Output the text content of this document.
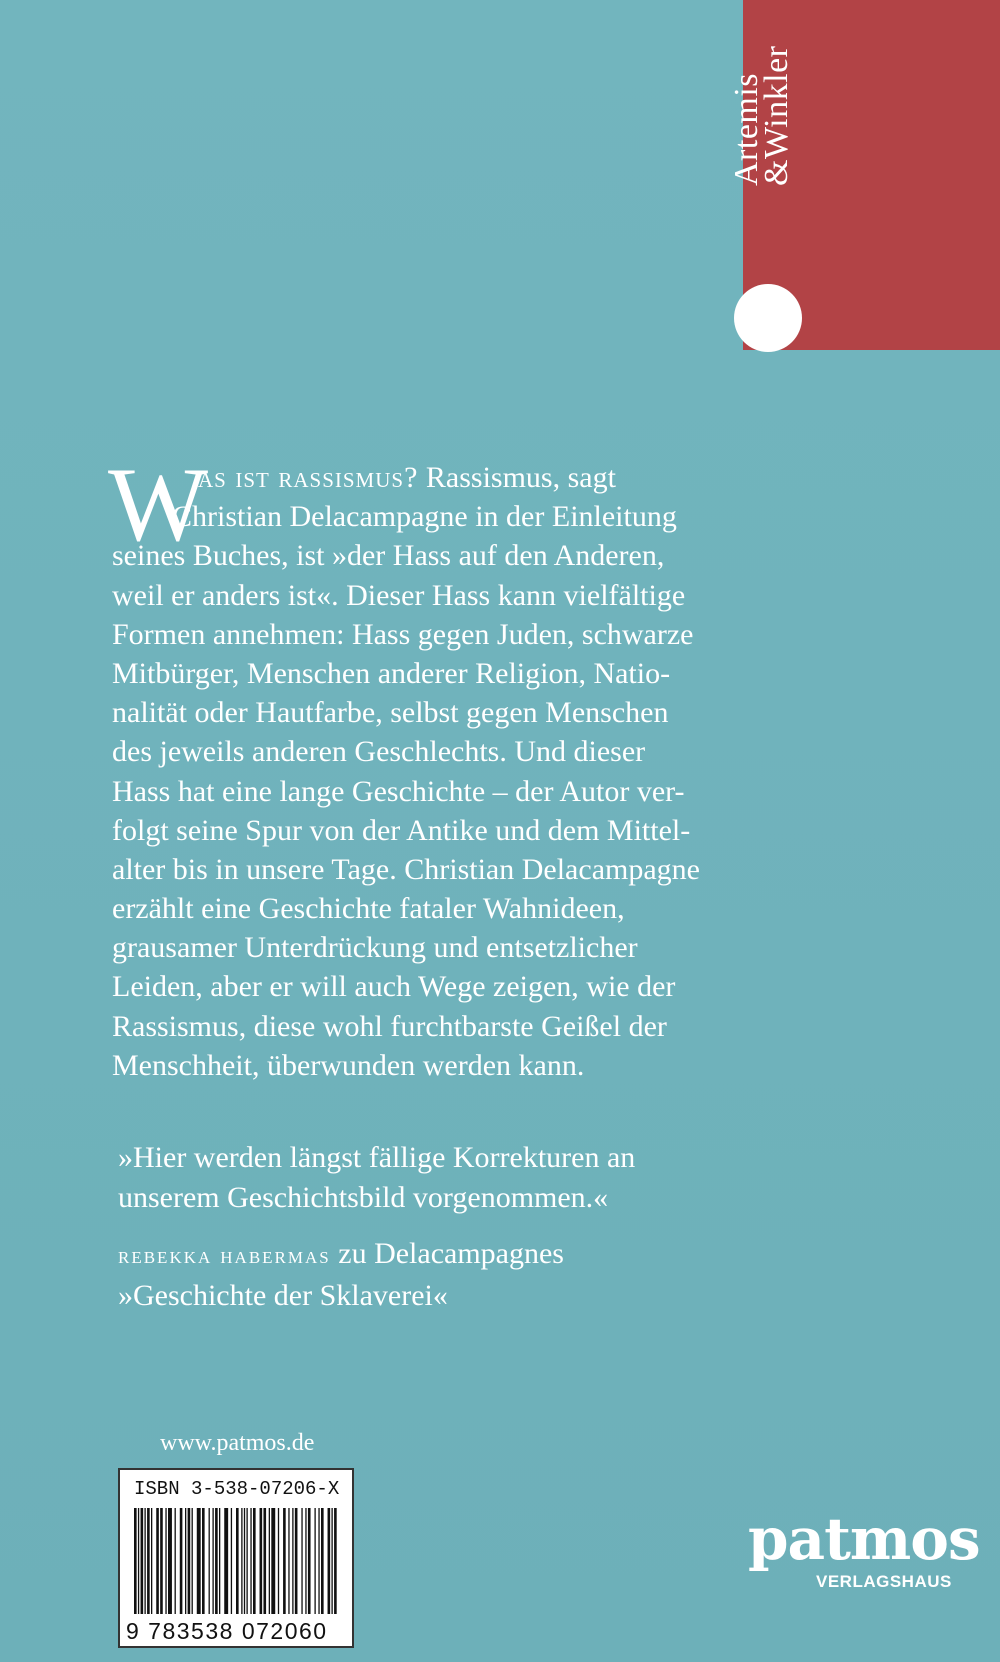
Artemis
&Winkler
W
as ist rassismus? Rassismus, sagt
Christian Delacampagne in der Einleitung
seines Buches, ist »der Hass auf den Anderen,
weil er anders ist«. Dieser Hass kann vielfältige
Formen annehmen: Hass gegen Juden, schwarze
Mitbürger, Menschen anderer Religion, Natio-
nalität oder Hautfarbe, selbst gegen Menschen
des jeweils anderen Geschlechts. Und dieser
Hass hat eine lange Geschichte – der Autor ver-
folgt seine Spur von der Antike und dem Mittel-
alter bis in unsere Tage. Christian Delacampagne
erzählt eine Geschichte fataler Wahnideen,
grausamer Unterdrückung und entsetzlicher
Leiden, aber er will auch Wege zeigen, wie der
Rassismus, diese wohl furchtbarste Geißel der
Menschheit, überwunden werden kann.
»Hier werden längst fällige Korrekturen an
unserem Geschichtsbild vorgenommen.«
rebekka habermas zu Delacampagnes
»Geschichte der Sklaverei«
www.patmos.de
ISBN 3-538-07206-X
9 783538 072060
patmos
VERLAGSHAUS
